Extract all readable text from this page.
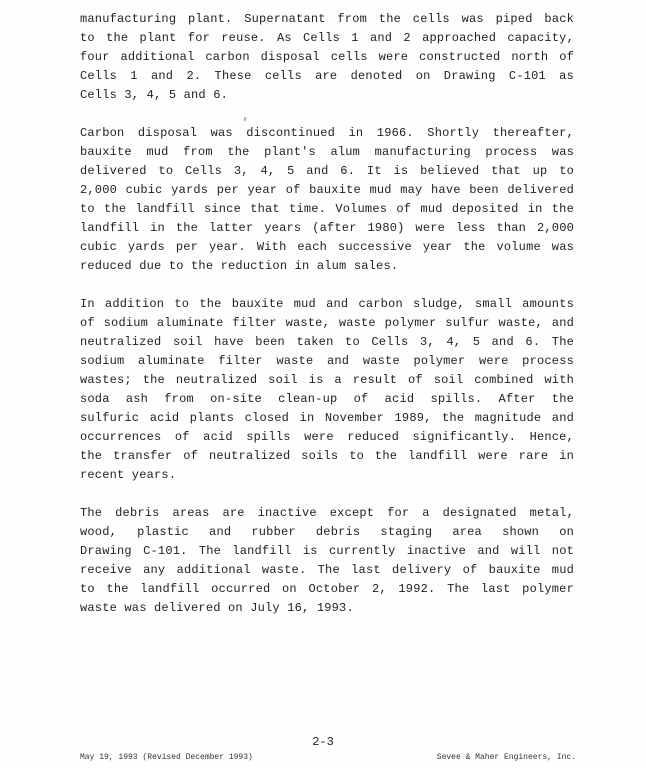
manufacturing plant. Supernatant from the cells was piped back
to the plant for reuse. As Cells 1 and 2 approached capacity,
four additional carbon disposal cells were constructed north of
Cells 1 and 2. These cells are denoted on Drawing C-101 as
Cells 3, 4, 5 and 6.
Carbon disposal was discontinued in 1966. Shortly thereafter,
bauxite mud from the plant's alum manufacturing process was
delivered to Cells 3, 4, 5 and 6. It is believed that up to
2,000 cubic yards per year of bauxite mud may have been delivered
to the landfill since that time. Volumes of mud deposited in the
landfill in the latter years (after 1980) were less than 2,000
cubic yards per year. With each successive year the volume was
reduced due to the reduction in alum sales.
In addition to the bauxite mud and carbon sludge, small amounts
of sodium aluminate filter waste, waste polymer sulfur waste, and
neutralized soil have been taken to Cells 3, 4, 5 and 6. The
sodium aluminate filter waste and waste polymer were process
wastes; the neutralized soil is a result of soil combined with
soda ash from on-site clean-up of acid spills. After the
sulfuric acid plants closed in November 1989, the magnitude and
occurrences of acid spills were reduced significantly. Hence,
the transfer of neutralized soils to the landfill were rare in
recent years.
The debris areas are inactive except for a designated metal,
wood, plastic and rubber debris staging area shown on
Drawing C-101. The landfill is currently inactive and will not
receive any additional waste. The last delivery of bauxite mud
to the landfill occurred on October 2, 1992. The last polymer
waste was delivered on July 16, 1993.
2-3
May 19, 1993 (Revised December 1993)	Sevee & Maher Engineers, Inc.
